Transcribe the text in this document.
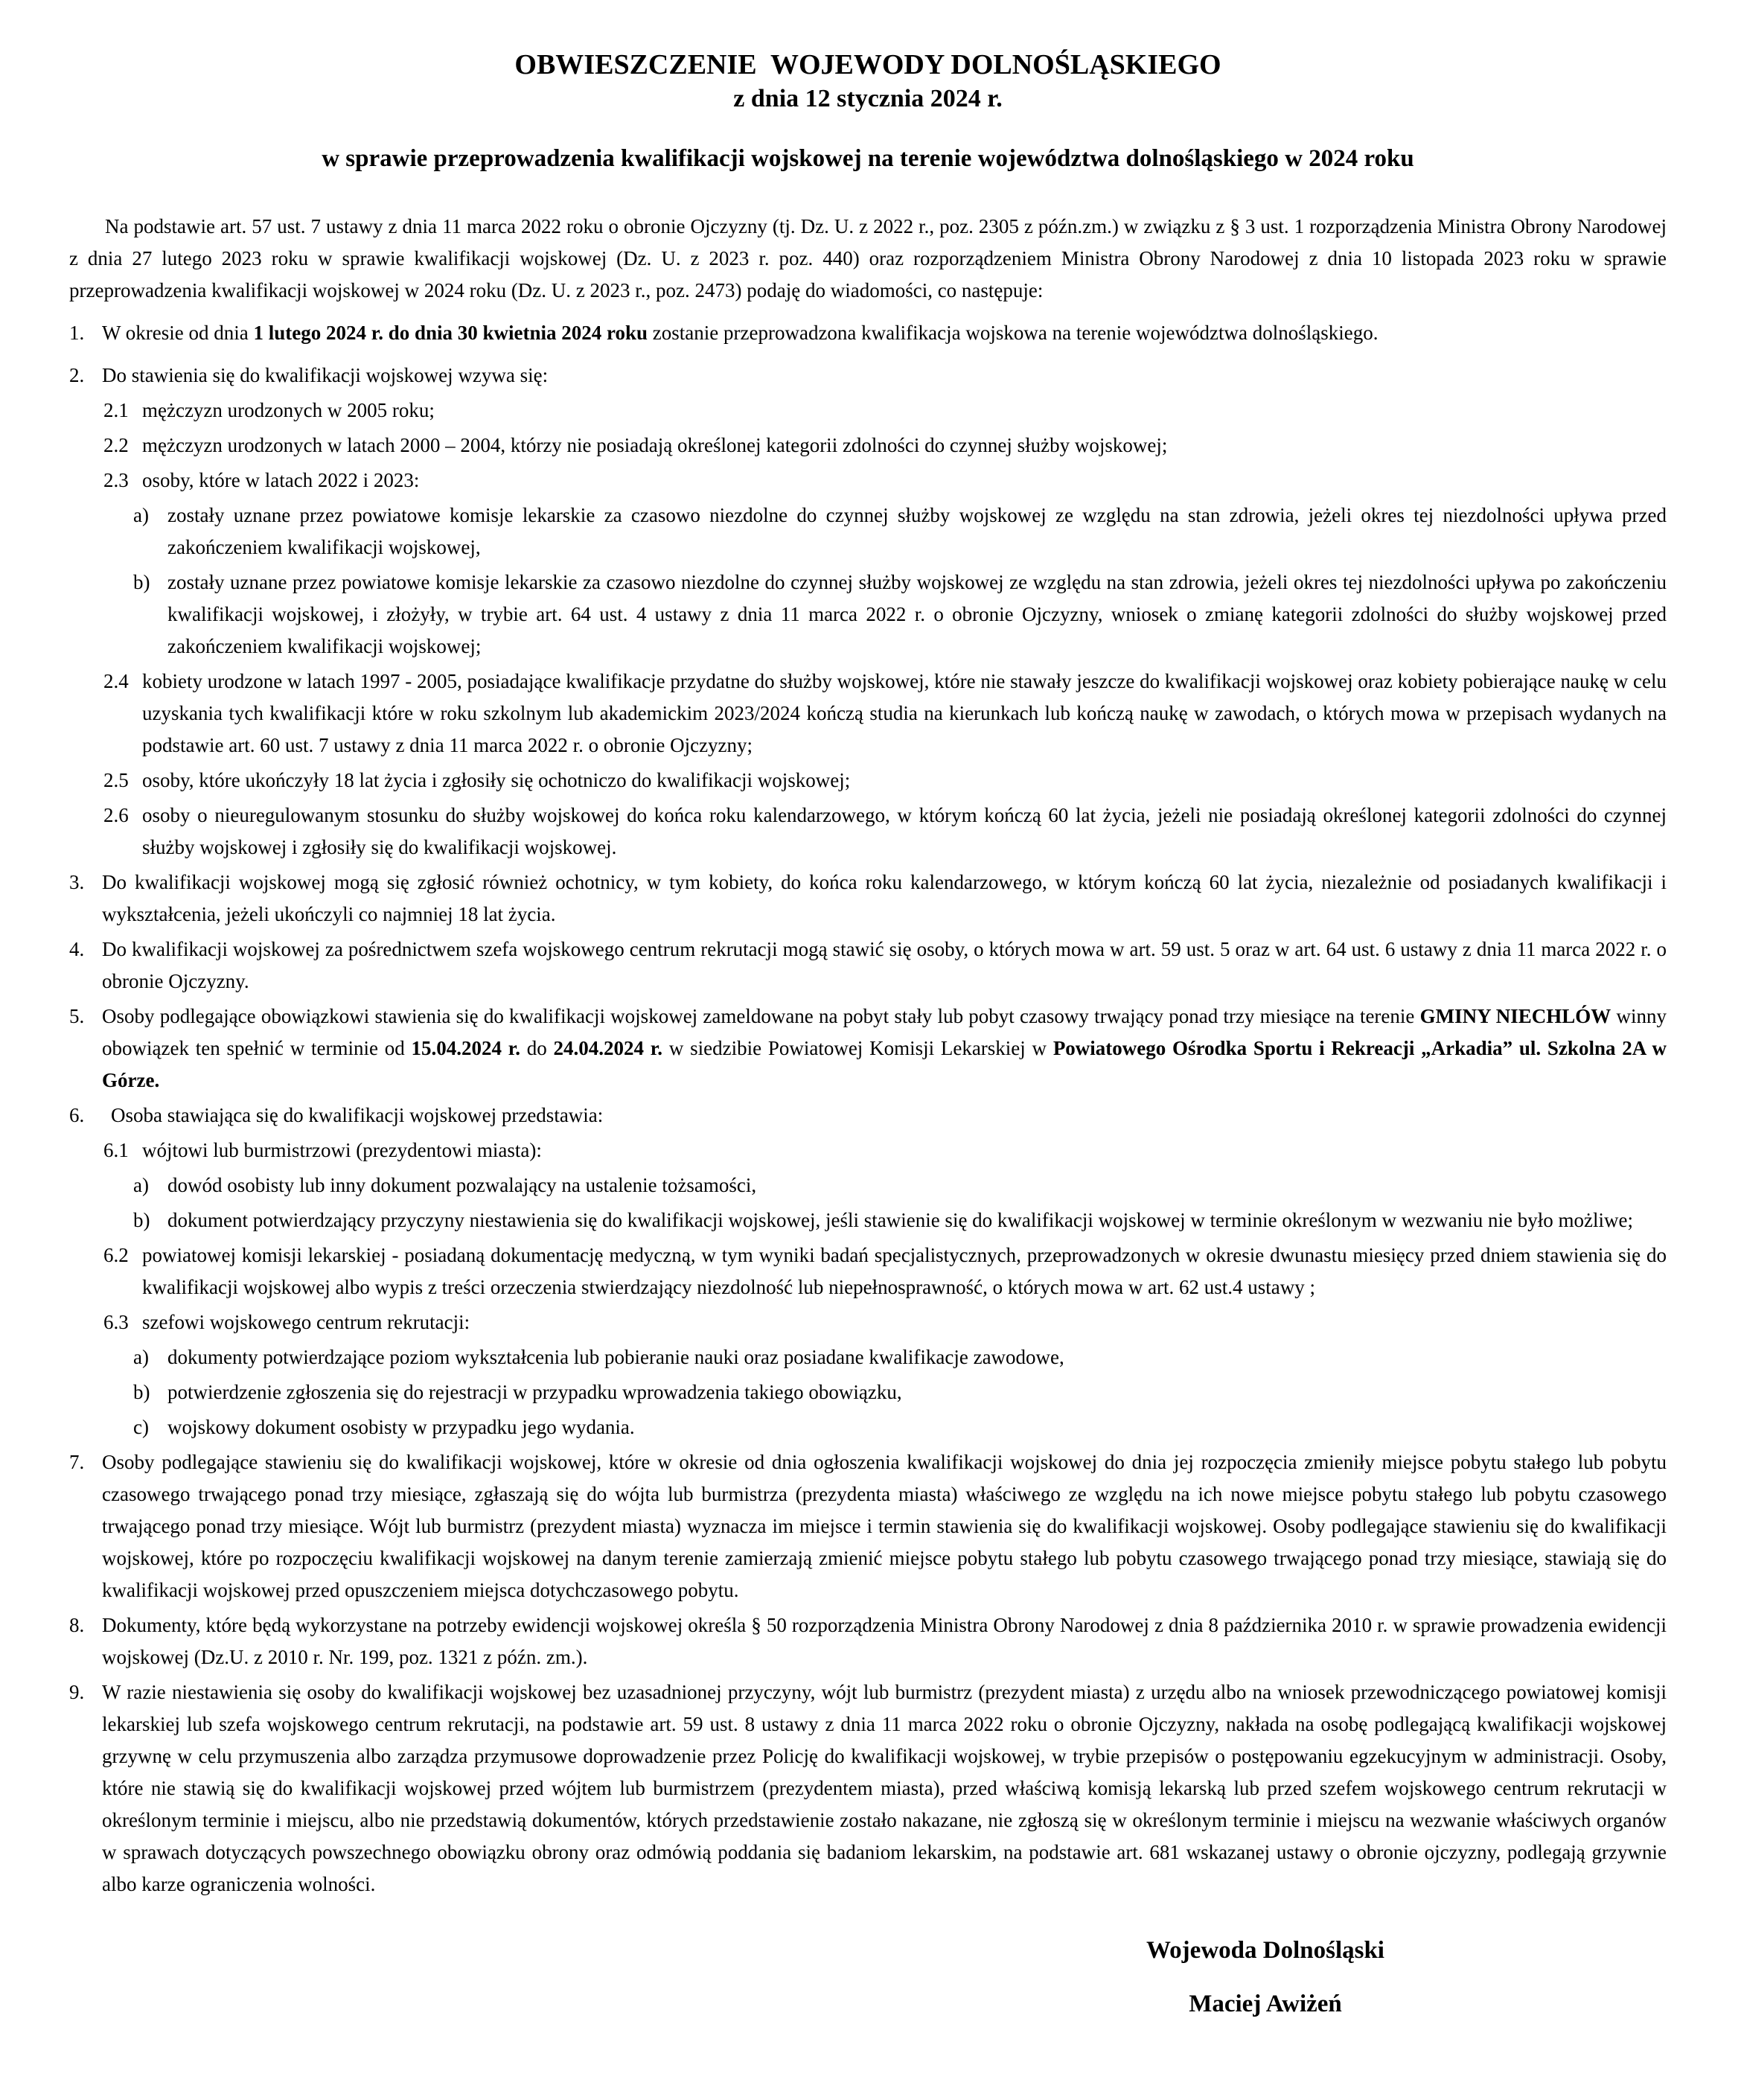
OBWIESZCZENIE  WOJEWODY DOLNOŚLĄSKIEGO
z dnia 12 stycznia 2024 r.
w sprawie przeprowadzenia kwalifikacji wojskowej na terenie województwa dolnośląskiego w 2024 roku

Na podstawie art. 57 ust. 7 ustawy z dnia 11 marca 2022 roku o obronie Ojczyzny (tj. Dz. U. z 2022 r., poz. 2305 z późn.zm.) w związku z § 3 ust. 1 rozporządzenia Ministra Obrony Narodowej z dnia 27 lutego 2023 roku w sprawie kwalifikacji wojskowej (Dz. U. z 2023 r. poz. 440) oraz rozporządzeniem Ministra Obrony Narodowej z dnia 10 listopada 2023 roku w sprawie przeprowadzenia kwalifikacji wojskowej w 2024 roku (Dz. U. z 2023 r., poz. 2473) podaję do wiadomości, co następuje:

1. W okresie od dnia 1 lutego 2024 r. do dnia 30 kwietnia 2024 roku zostanie przeprowadzona kwalifikacja wojskowa na terenie województwa dolnośląskiego.
2. Do stawienia się do kwalifikacji wojskowej wzywa się:
2.1 mężczyzn urodzonych w 2005 roku;
2.2 mężczyzn urodzonych w latach 2000 – 2004, którzy nie posiadają określonej kategorii zdolności do czynnej służby wojskowej;
2.3 osoby, które w latach 2022 i 2023:
a) zostały uznane przez powiatowe komisje lekarskie za czasowo niezdolne do czynnej służby wojskowej ze względu na stan zdrowia, jeżeli okres tej niezdolności upływa przed zakończeniem kwalifikacji wojskowej,
b) zostały uznane przez powiatowe komisje lekarskie za czasowo niezdolne do czynnej służby wojskowej ze względu na stan zdrowia, jeżeli okres tej niezdolności upływa po zakończeniu kwalifikacji wojskowej, i złożyły, w trybie art. 64 ust. 4 ustawy z dnia 11 marca 2022 r. o obronie Ojczyzny, wniosek o zmianę kategorii zdolności do służby wojskowej przed zakończeniem kwalifikacji wojskowej;
2.4 kobiety urodzone w latach 1997 - 2005, posiadające kwalifikacje przydatne do służby wojskowej, które nie stawały jeszcze do kwalifikacji wojskowej oraz kobiety pobierające naukę w celu uzyskania tych kwalifikacji które w roku szkolnym lub akademickim 2023/2024 kończą studia na kierunkach lub kończą naukę w zawodach, o których mowa w przepisach wydanych na podstawie art. 60 ust. 7 ustawy z dnia 11 marca 2022 r. o obronie Ojczyzny;
2.5 osoby, które ukończyły 18 lat życia i zgłosiły się ochotniczo do kwalifikacji wojskowej;
2.6 osoby o nieuregulowanym stosunku do służby wojskowej do końca roku kalendarzowego, w którym kończą 60 lat życia, jeżeli nie posiadają określonej kategorii zdolności do czynnej służby wojskowej i zgłosiły się do kwalifikacji wojskowej.
3. Do kwalifikacji wojskowej mogą się zgłosić również ochotnicy, w tym kobiety, do końca roku kalendarzowego, w którym kończą 60 lat życia, niezależnie od posiadanych kwalifikacji i wykształcenia, jeżeli ukończyli co najmniej 18 lat życia.
4. Do kwalifikacji wojskowej za pośrednictwem szefa wojskowego centrum rekrutacji mogą stawić się osoby, o których mowa w art. 59 ust. 5 oraz w art. 64 ust. 6 ustawy z dnia 11 marca 2022 r. o obronie Ojczyzny.
5. Osoby podlegające obowiązkowi stawienia się do kwalifikacji wojskowej zameldowane na pobyt stały lub pobyt czasowy trwający ponad trzy miesiące na terenie GMINY NIECHLÓW winny obowiązek ten spełnić w terminie od 15.04.2024 r. do 24.04.2024 r. w siedzibie Powiatowej Komisji Lekarskiej w Powiatowego Ośrodka Sportu i Rekreacji „Arkadia” ul. Szkolna 2A w Górze.
6. Osoba stawiająca się do kwalifikacji wojskowej przedstawia:
6.1 wójtowi lub burmistrzowi (prezydentowi miasta):
a) dowód osobisty lub inny dokument pozwalający na ustalenie tożsamości,
b) dokument potwierdzający przyczyny niestawienia się do kwalifikacji wojskowej, jeśli stawienie się do kwalifikacji wojskowej w terminie określonym w wezwaniu nie było możliwe;
6.2 powiatowej komisji lekarskiej - posiadaną dokumentację medyczną, w tym wyniki badań specjalistycznych, przeprowadzonych w okresie dwunastu miesięcy przed dniem stawienia się do kwalifikacji wojskowej albo wypis z treści orzeczenia stwierdzający niezdolność lub niepełnosprawność, o których mowa w art. 62 ust.4 ustawy ;
6.3 szefowi wojskowego centrum rekrutacji:
a) dokumenty potwierdzające poziom wykształcenia lub pobieranie nauki oraz posiadane kwalifikacje zawodowe,
b) potwierdzenie zgłoszenia się do rejestracji w przypadku wprowadzenia takiego obowiązku,
c) wojskowy dokument osobisty w przypadku jego wydania.
7. Osoby podlegające stawieniu się do kwalifikacji wojskowej, które w okresie od dnia ogłoszenia kwalifikacji wojskowej do dnia jej rozpoczęcia zmieniły miejsce pobytu stałego lub pobytu czasowego trwającego ponad trzy miesiące, zgłaszają się do wójta lub burmistrza (prezydenta miasta) właściwego ze względu na ich nowe miejsce pobytu stałego lub pobytu czasowego trwającego ponad trzy miesiące. Wójt lub burmistrz (prezydent miasta) wyznacza im miejsce i termin stawienia się do kwalifikacji wojskowej. Osoby podlegające stawieniu się do kwalifikacji wojskowej, które po rozpoczęciu kwalifikacji wojskowej na danym terenie zamierzają zmienić miejsce pobytu stałego lub pobytu czasowego trwającego ponad trzy miesiące, stawiają się do kwalifikacji wojskowej przed opuszczeniem miejsca dotychczasowego pobytu.
8. Dokumenty, które będą wykorzystane na potrzeby ewidencji wojskowej określa § 50 rozporządzenia Ministra Obrony Narodowej z dnia 8 października 2010 r. w sprawie prowadzenia ewidencji wojskowej (Dz.U. z 2010 r. Nr. 199, poz. 1321 z późn. zm.).
9. W razie niestawienia się osoby do kwalifikacji wojskowej bez uzasadnionej przyczyny, wójt lub burmistrz (prezydent miasta) z urzędu albo na wniosek przewodniczącego powiatowej komisji lekarskiej lub szefa wojskowego centrum rekrutacji, na podstawie art. 59 ust. 8 ustawy z dnia 11 marca 2022 roku o obronie Ojczyzny, nakłada na osobę podlegającą kwalifikacji wojskowej grzywnę w celu przymuszenia albo zarządza przymusowe doprowadzenie przez Policję do kwalifikacji wojskowej, w trybie przepisów o postępowaniu egzekucyjnym w administracji. Osoby, które nie stawią się do kwalifikacji wojskowej przed wójtem lub burmistrzem (prezydentem miasta), przed właściwą komisją lekarską lub przed szefem wojskowego centrum rekrutacji w określonym terminie i miejscu, albo nie przedstawią dokumentów, których przedstawienie zostało nakazane, nie zgłoszą się w określonym terminie i miejscu na wezwanie właściwych organów w sprawach dotyczących powszechnego obowiązku obrony oraz odmówią poddania się badaniom lekarskim, na podstawie art. 681 wskazanej ustawy o obronie ojczyzny, podlegają grzywnie albo karze ograniczenia wolności.
Wojewoda Dolnośląski
Maciej Awiżeń
